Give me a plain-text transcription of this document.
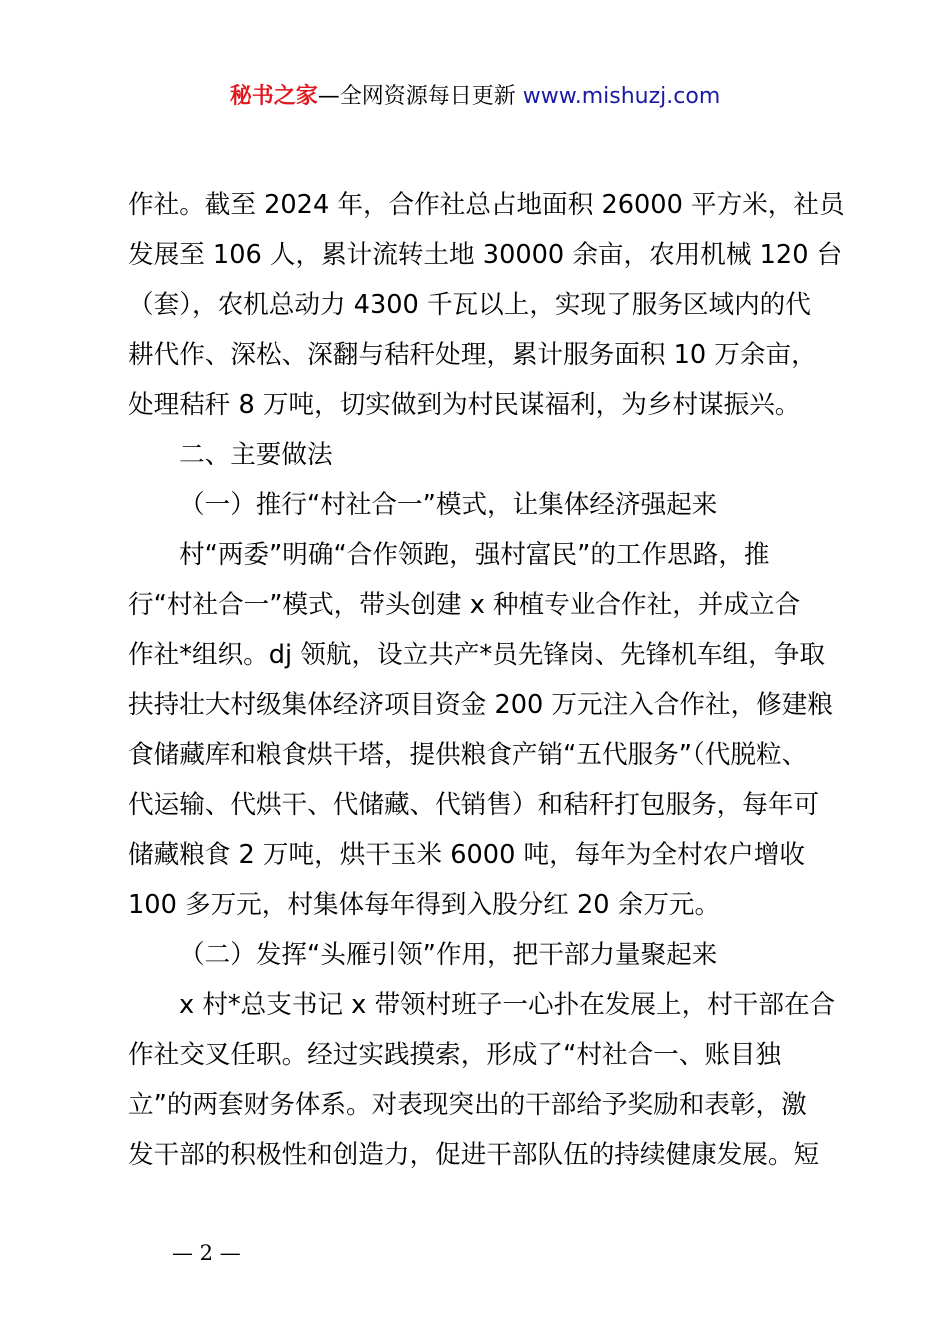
秘书之家—全网资源每日更新 www.mishuzj.com
作社。截至 2024 年，合作社总占地面积 26000 平方米，社员
发展至 106 人，累计流转土地 30000 余亩，农用机械 120 台
（套），农机总动力 4300 千瓦以上，实现了服务区域内的代
耕代作、深松、深翻与秸秆处理，累计服务面积 10 万余亩，
处理秸秆 8 万吨，切实做到为村民谋福利，为乡村谋振兴。
二、主要做法
（一）推行“村社合一”模式，让集体经济强起来
村“两委”明确“合作领跑，强村富民”的工作思路，推
行“村社合一”模式，带头创建 x 种植专业合作社，并成立合
作社*组织。dj 领航，设立共产*员先锋岗、先锋机车组，争取
扶持壮大村级集体经济项目资金 200 万元注入合作社，修建粮
食储藏库和粮食烘干塔，提供粮食产销“五代服务”（代脱粒、
代运输、代烘干、代储藏、代销售）和秸秆打包服务，每年可
储藏粮食 2 万吨，烘干玉米 6000 吨，每年为全村农户增收
100 多万元，村集体每年得到入股分红 20 余万元。
（二）发挥“头雁引领”作用，把干部力量聚起来
x 村*总支书记 x 带领村班子一心扑在发展上，村干部在合
作社交叉任职。经过实践摸索，形成了“村社合一、账目独
立”的两套财务体系。对表现突出的干部给予奖励和表彰，激
发干部的积极性和创造力，促进干部队伍的持续健康发展。短
— 2 —
